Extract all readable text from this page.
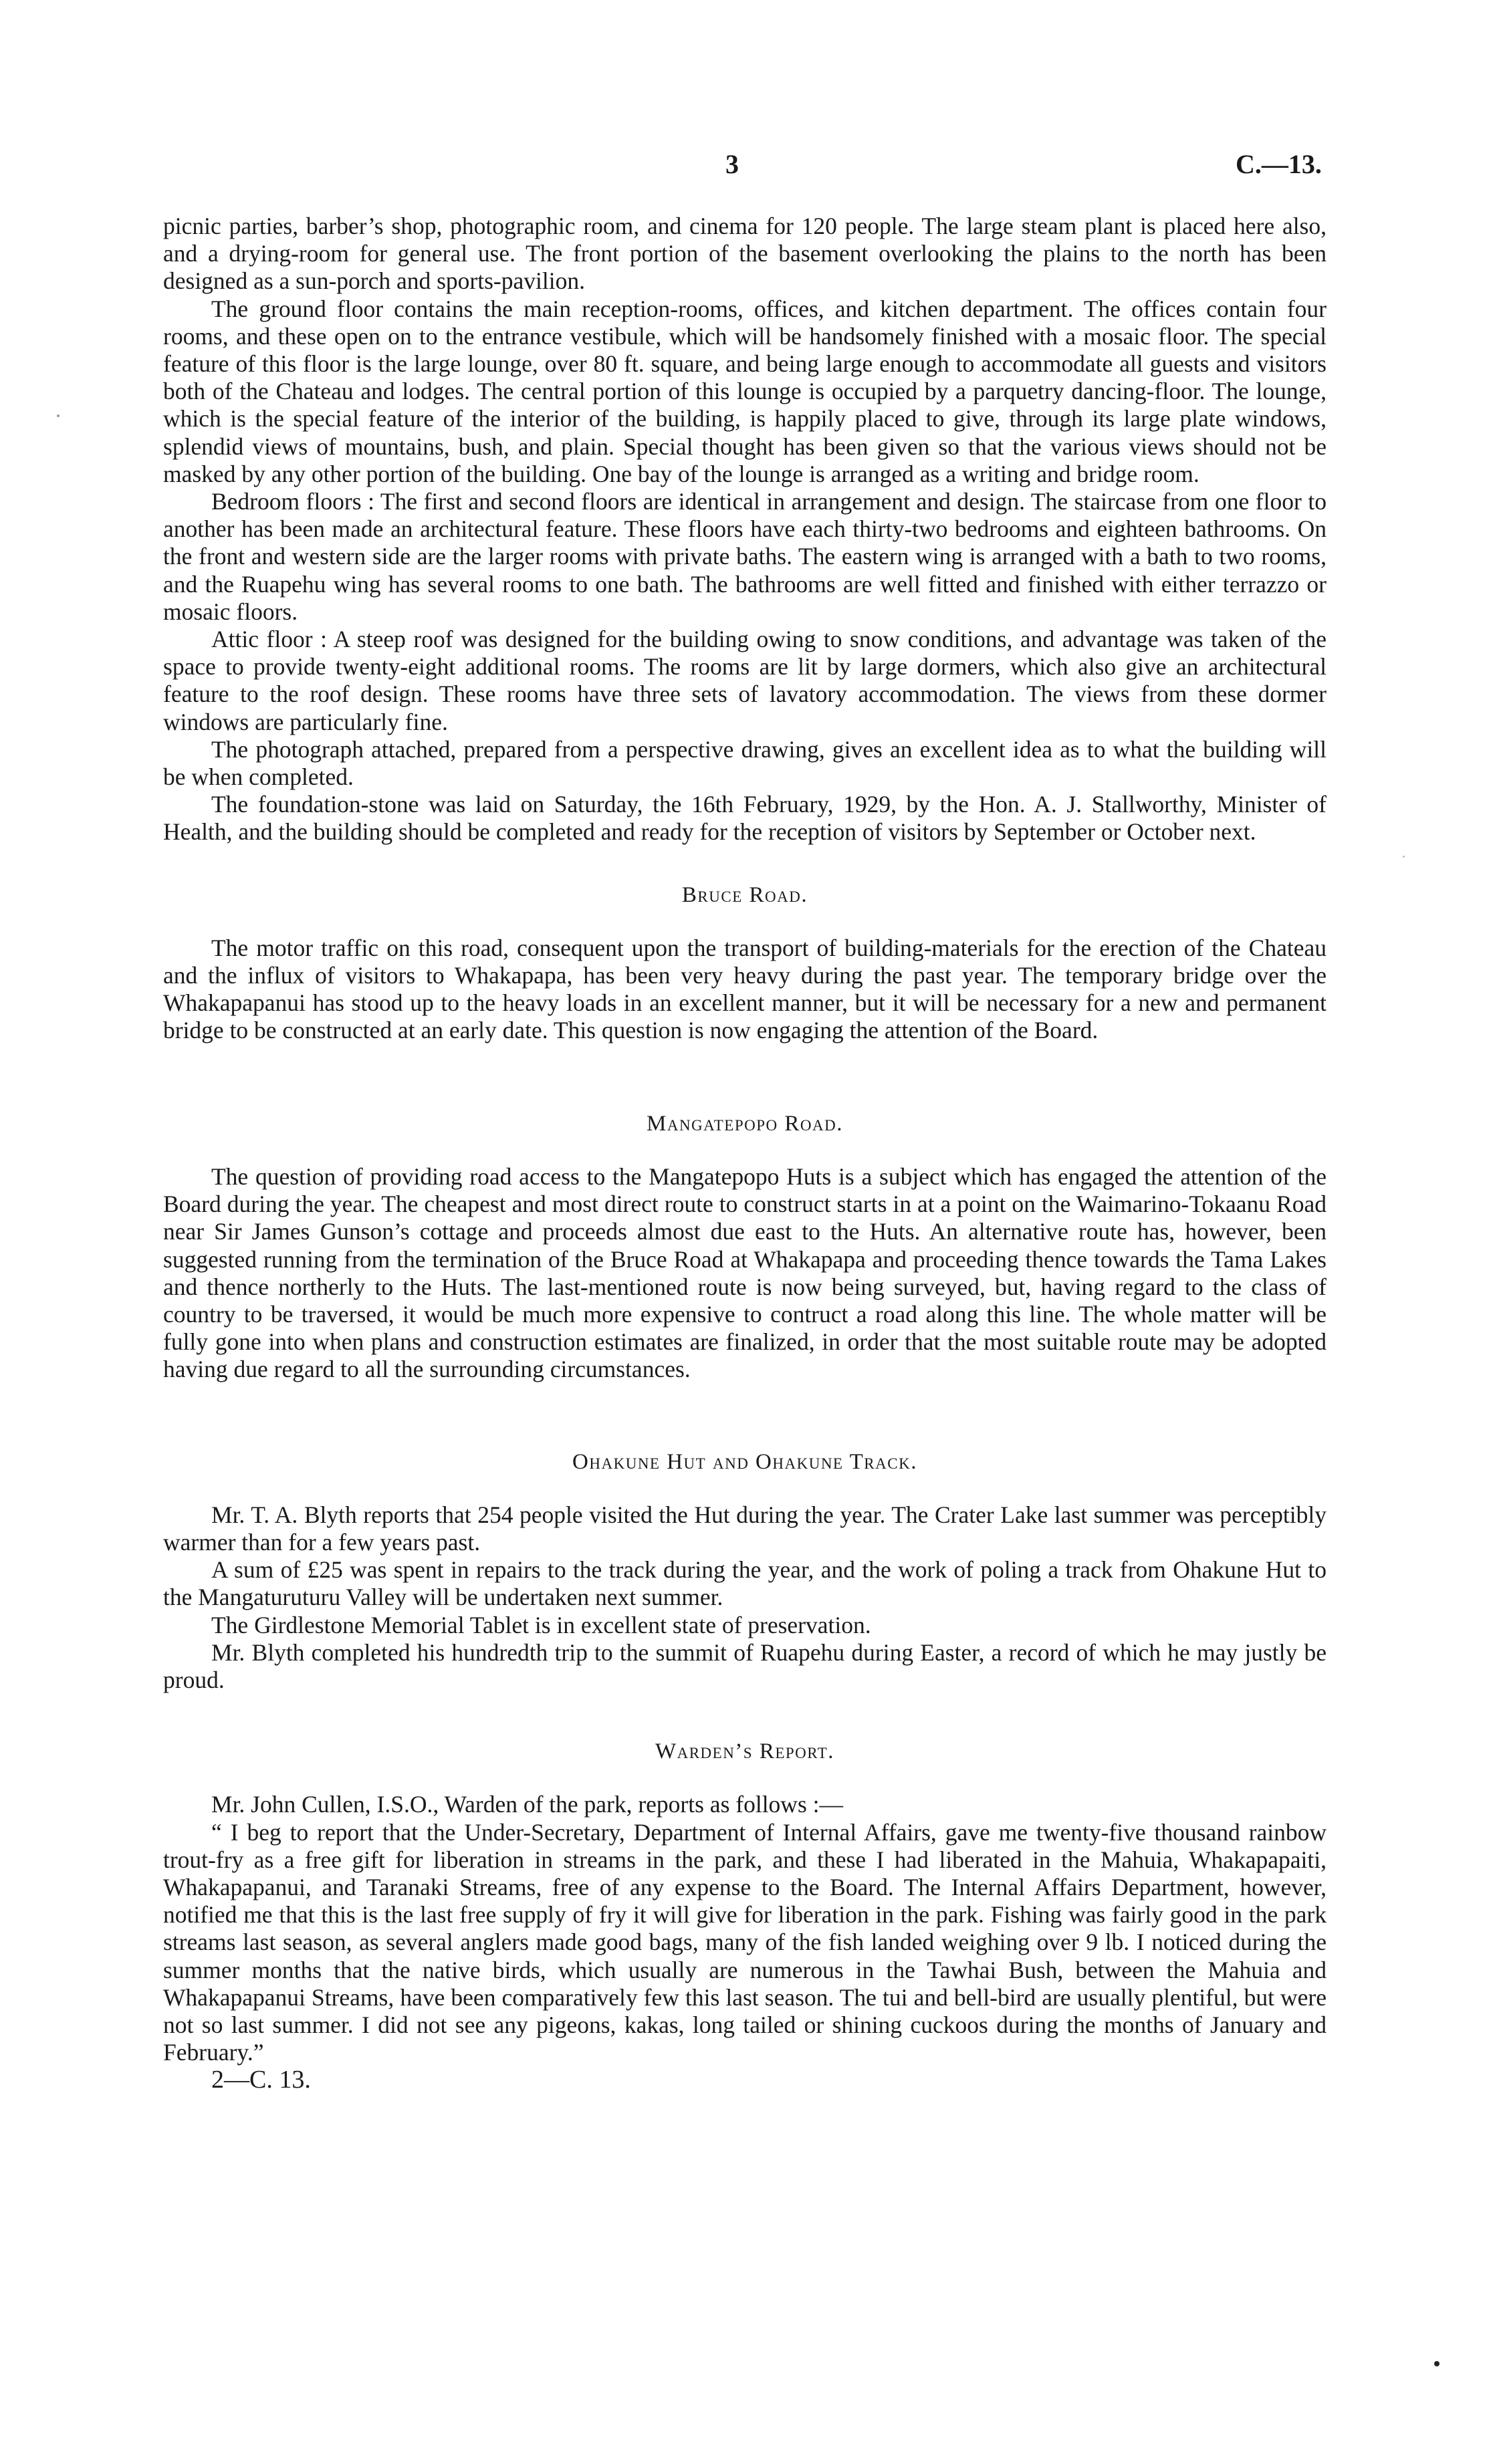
3	C.—13.

picnic parties, barber’s shop, photographic room, and cinema for 120 people. The large steam plant is placed here also, and a drying-room for general use. The front portion of the basement overlooking the plains to the north has been designed as a sun-porch and sports-pavilion.

The ground floor contains the main reception-rooms, offices, and kitchen department. The offices contain four rooms, and these open on to the entrance vestibule, which will be handsomely finished with a mosaic floor. The special feature of this floor is the large lounge, over 80 ft. square, and being large enough to accommodate all guests and visitors both of the Chateau and lodges. The central portion of this lounge is occupied by a parquetry dancing-floor. The lounge, which is the special feature of the interior of the building, is happily placed to give, through its large plate windows, splendid views of mountains, bush, and plain. Special thought has been given so that the various views should not be masked by any other portion of the building. One bay of the lounge is arranged as a writing and bridge room.

Bedroom floors : The first and second floors are identical in arrangement and design. The staircase from one floor to another has been made an architectural feature. These floors have each thirty-two bedrooms and eighteen bathrooms. On the front and western side are the larger rooms with private baths. The eastern wing is arranged with a bath to two rooms, and the Ruapehu wing has several rooms to one bath. The bathrooms are well fitted and finished with either terrazzo or mosaic floors.

Attic floor : A steep roof was designed for the building owing to snow conditions, and advantage was taken of the space to provide twenty-eight additional rooms. The rooms are lit by large dormers, which also give an architectural feature to the roof design. These rooms have three sets of lavatory accommodation. The views from these dormer windows are particularly fine.

The photograph attached, prepared from a perspective drawing, gives an excellent idea as to what the building will be when completed.

The foundation-stone was laid on Saturday, the 16th February, 1929, by the Hon. A. J. Stallworthy, Minister of Health, and the building should be completed and ready for the reception of visitors by September or October next.

Bruce Road.

The motor traffic on this road, consequent upon the transport of building-materials for the erection of the Chateau and the influx of visitors to Whakapapa, has been very heavy during the past year. The temporary bridge over the Whakapapanui has stood up to the heavy loads in an excellent manner, but it will be necessary for a new and permanent bridge to be constructed at an early date. This question is now engaging the attention of the Board.

Mangatepopo Road.

The question of providing road access to the Mangatepopo Huts is a subject which has engaged the attention of the Board during the year. The cheapest and most direct route to construct starts in at a point on the Waimarino-Tokaanu Road near Sir James Gunson’s cottage and proceeds almost due east to the Huts. An alternative route has, however, been suggested running from the termination of the Bruce Road at Whakapapa and proceeding thence towards the Tama Lakes and thence northerly to the Huts. The last-mentioned route is now being surveyed, but, having regard to the class of country to be traversed, it would be much more expensive to contruct a road along this line. The whole matter will be fully gone into when plans and construction estimates are finalized, in order that the most suitable route may be adopted having due regard to all the surrounding circumstances.

Ohakune Hut and Ohakune Track.

Mr. T. A. Blyth reports that 254 people visited the Hut during the year. The Crater Lake last summer was perceptibly warmer than for a few years past.

A sum of £25 was spent in repairs to the track during the year, and the work of poling a track from Ohakune Hut to the Mangaturuturu Valley will be undertaken next summer.

The Girdlestone Memorial Tablet is in excellent state of preservation.

Mr. Blyth completed his hundredth trip to the summit of Ruapehu during Easter, a record of which he may justly be proud.

Warden’s Report.

Mr. John Cullen, I.S.O., Warden of the park, reports as follows :—

“ I beg to report that the Under-Secretary, Department of Internal Affairs, gave me twenty-five thousand rainbow trout-fry as a free gift for liberation in streams in the park, and these I had liberated in the Mahuia, Whakapapaiti, Whakapapanui, and Taranaki Streams, free of any expense to the Board. The Internal Affairs Department, however, notified me that this is the last free supply of fry it will give for liberation in the park. Fishing was fairly good in the park streams last season, as several anglers made good bags, many of the fish landed weighing over 9 lb. I noticed during the summer months that the native birds, which usually are numerous in the Tawhai Bush, between the Mahuia and Whakapapanui Streams, have been comparatively few this last season. The tui and bell-bird are usually plentiful, but were not so last summer. I did not see any pigeons, kakas, long tailed or shining cuckoos during the months of January and February.”

2—C. 13.
